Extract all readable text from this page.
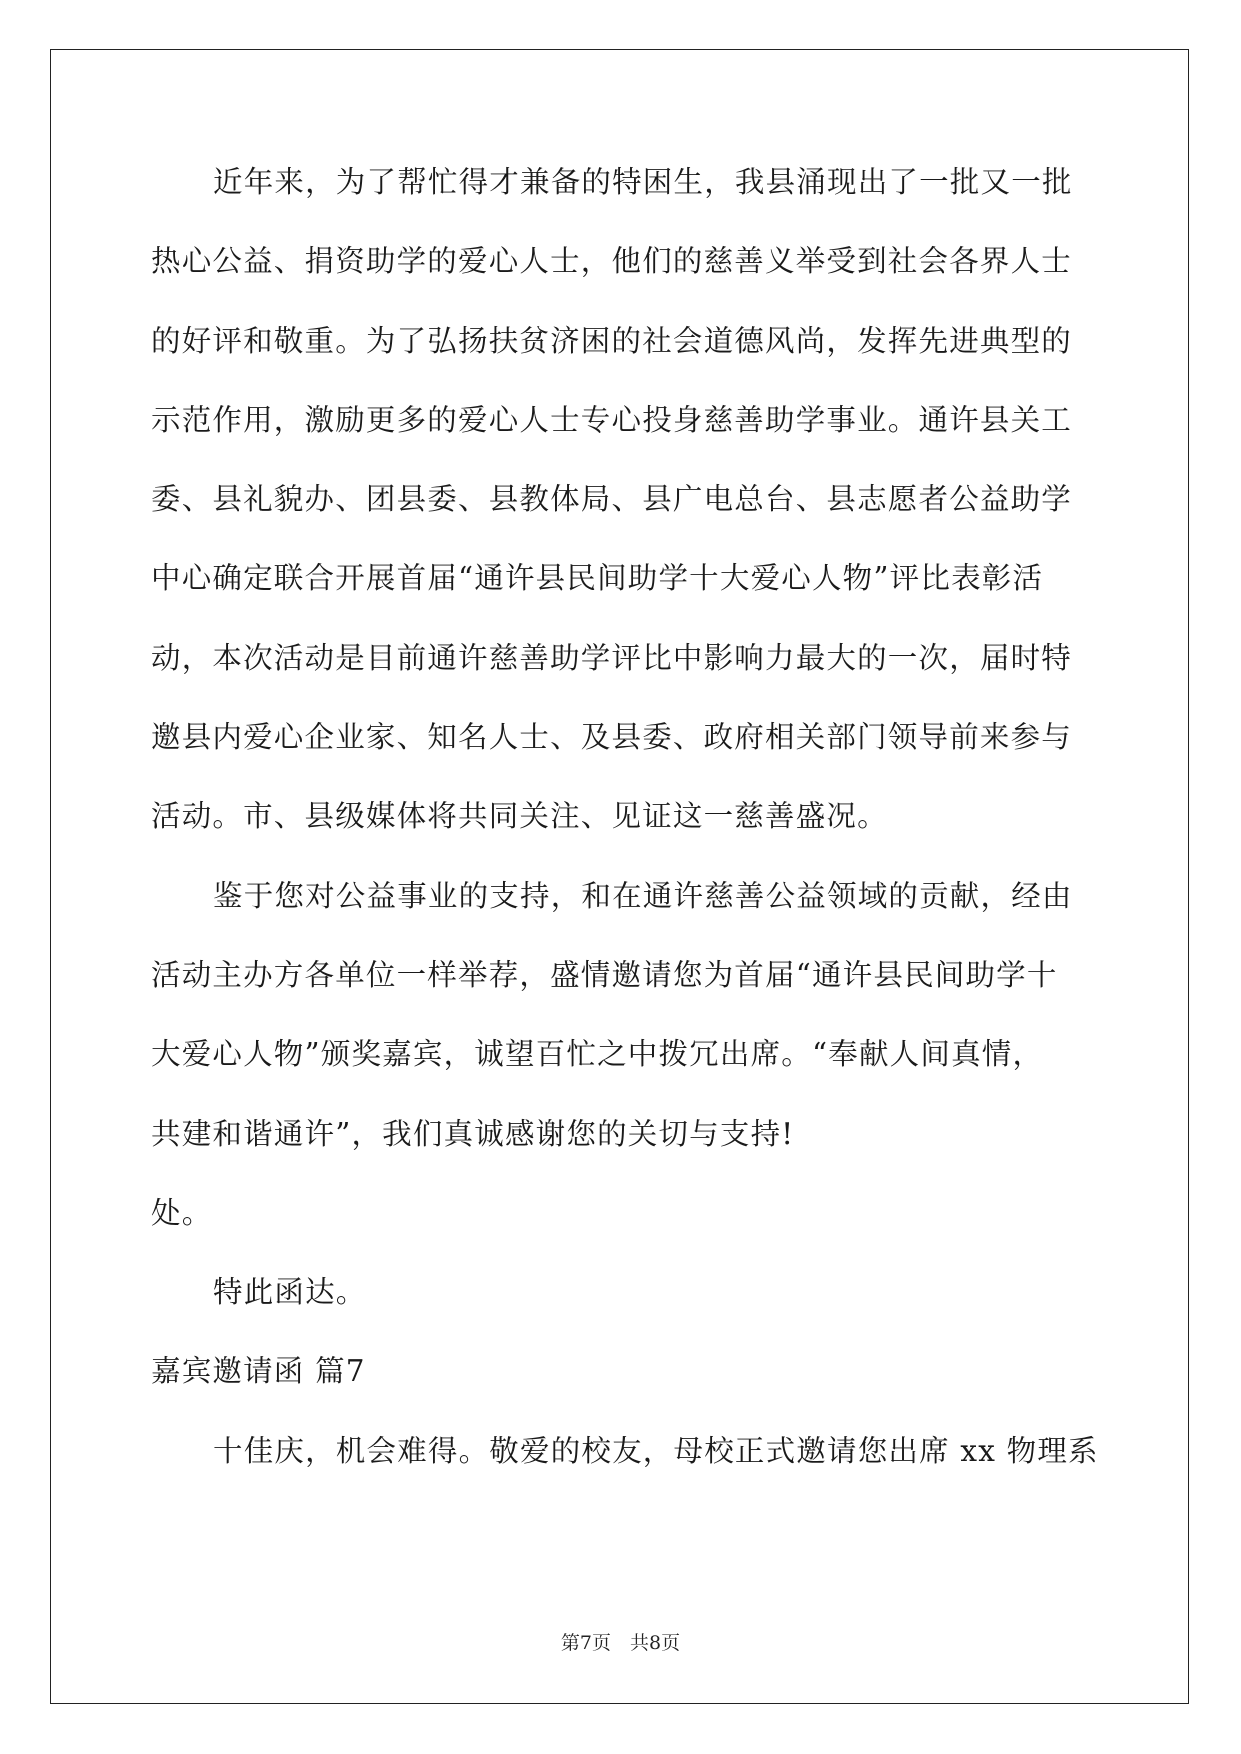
近年来，为了帮忙得才兼备的特困生，我县涌现出了一批又一批
热心公益、捐资助学的爱心人士，他们的慈善义举受到社会各界人士
的好评和敬重。为了弘扬扶贫济困的社会道德风尚，发挥先进典型的
示范作用，激励更多的爱心人士专心投身慈善助学事业。通许县关工
委、县礼貌办、团县委、县教体局、县广电总台、县志愿者公益助学
中心确定联合开展首届“通许县民间助学十大爱心人物”评比表彰活
动，本次活动是目前通许慈善助学评比中影响力最大的一次，届时特
邀县内爱心企业家、知名人士、及县委、政府相关部门领导前来参与
活动。市、县级媒体将共同关注、见证这一慈善盛况。
鉴于您对公益事业的支持，和在通许慈善公益领域的贡献，经由
活动主办方各单位一样举荐，盛情邀请您为首届“通许县民间助学十
大爱心人物”颁奖嘉宾，诚望百忙之中拨冗出席。“奉献人间真情，
共建和谐通许”，我们真诚感谢您的关切与支持!
处。
特此函达。
嘉宾邀请函 篇7
十佳庆，机会难得。敬爱的校友，母校正式邀请您出席 xx 物理系
第7页　共8页
